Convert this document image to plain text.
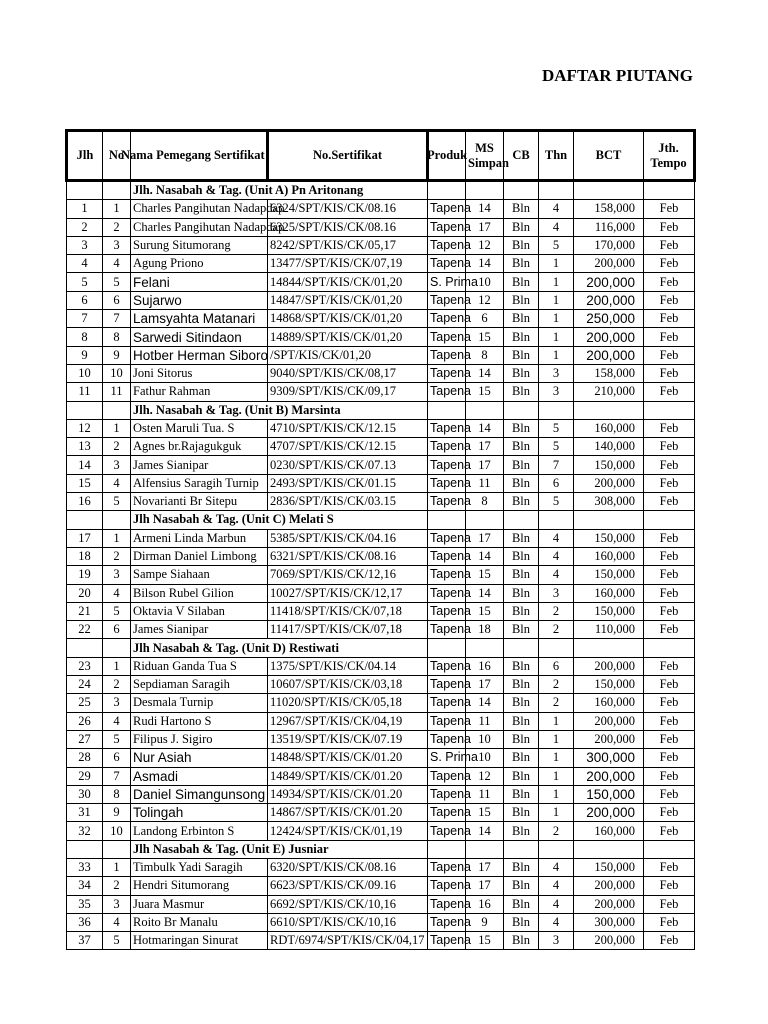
DAFTAR PIUTANG
Jlh	No	Nama Pemegang Sertifikat	No.Sertifikat	Produk	MS Simpan	CB	Thn	BCT	Jth. Tempo
		Jlh. Nasabah & Tag. (Unit A) Pn Aritonang							
1	1	Charles Pangihutan Nadapdap	6324/SPT/KIS/CK/08.16	Tapena	14	Bln	4	158,000	Feb
2	2	Charles Pangihutan Nadapdap	6325/SPT/KIS/CK/08.16	Tapena	17	Bln	4	116,000	Feb
3	3	Surung Situmorang	8242/SPT/KIS/CK/05,17	Tapena	12	Bln	5	170,000	Feb
4	4	Agung Priono	13477/SPT/KIS/CK/07,19	Tapena	14	Bln	1	200,000	Feb
5	5	Felani	14844/SPT/KIS/CK/01,20	S. Prima	10	Bln	1	200,000	Feb
6	6	Sujarwo	14847/SPT/KIS/CK/01,20	Tapena	12	Bln	1	200,000	Feb
7	7	Lamsyahta Matanari	14868/SPT/KIS/CK/01,20	Tapena	6	Bln	1	250,000	Feb
8	8	Sarwedi Sitindaon	14889/SPT/KIS/CK/01,20	Tapena	15	Bln	1	200,000	Feb
9	9	Hotber Herman Siboro	/SPT/KIS/CK/01,20	Tapena	8	Bln	1	200,000	Feb
10	10	Joni Sitorus	9040/SPT/KIS/CK/08,17	Tapena	14	Bln	3	158,000	Feb
11	11	Fathur Rahman	9309/SPT/KIS/CK/09,17	Tapena	15	Bln	3	210,000	Feb
		Jlh. Nasabah & Tag. (Unit B) Marsinta							
12	1	Osten Maruli Tua. S	4710/SPT/KIS/CK/12.15	Tapena	14	Bln	5	160,000	Feb
13	2	Agnes br.Rajagukguk	4707/SPT/KIS/CK/12.15	Tapena	17	Bln	5	140,000	Feb
14	3	James Sianipar	0230/SPT/KIS/CK/07.13	Tapena	17	Bln	7	150,000	Feb
15	4	Alfensius Saragih Turnip	2493/SPT/KIS/CK/01.15	Tapena	11	Bln	6	200,000	Feb
16	5	Novarianti Br Sitepu	2836/SPT/KIS/CK/03.15	Tapena	8	Bln	5	308,000	Feb
		Jlh Nasabah & Tag. (Unit C) Melati S							
17	1	Armeni Linda Marbun	5385/SPT/KIS/CK/04.16	Tapena	17	Bln	4	150,000	Feb
18	2	Dirman Daniel Limbong	6321/SPT/KIS/CK/08.16	Tapena	14	Bln	4	160,000	Feb
19	3	Sampe Siahaan	7069/SPT/KIS/CK/12,16	Tapena	15	Bln	4	150,000	Feb
20	4	Bilson Rubel Gilion	10027/SPT/KIS/CK/12,17	Tapena	14	Bln	3	160,000	Feb
21	5	Oktavia V Silaban	11418/SPT/KIS/CK/07,18	Tapena	15	Bln	2	150,000	Feb
22	6	James Sianipar	11417/SPT/KIS/CK/07,18	Tapena	18	Bln	2	110,000	Feb
		Jlh Nasabah & Tag. (Unit D) Restiwati							
23	1	Riduan Ganda Tua S	1375/SPT/KIS/CK/04.14	Tapena	16	Bln	6	200,000	Feb
24	2	Sepdiaman Saragih	10607/SPT/KIS/CK/03,18	Tapena	17	Bln	2	150,000	Feb
25	3	Desmala Turnip	11020/SPT/KIS/CK/05,18	Tapena	14	Bln	2	160,000	Feb
26	4	Rudi Hartono S	12967/SPT/KIS/CK/04,19	Tapena	11	Bln	1	200,000	Feb
27	5	Filipus J. Sigiro	13519/SPT/KIS/CK/07.19	Tapena	10	Bln	1	200,000	Feb
28	6	Nur Asiah	14848/SPT/KIS/CK/01.20	S. Prima	10	Bln	1	300,000	Feb
29	7	Asmadi	14849/SPT/KIS/CK/01.20	Tapena	12	Bln	1	200,000	Feb
30	8	Daniel Simangunsong	14934/SPT/KIS/CK/01.20	Tapena	11	Bln	1	150,000	Feb
31	9	Tolingah	14867/SPT/KIS/CK/01.20	Tapena	15	Bln	1	200,000	Feb
32	10	Landong Erbinton S	12424/SPT/KIS/CK/01,19	Tapena	14	Bln	2	160,000	Feb
		Jlh Nasabah & Tag. (Unit E) Jusniar							
33	1	Timbulk Yadi Saragih	6320/SPT/KIS/CK/08.16	Tapena	17	Bln	4	150,000	Feb
34	2	Hendri Situmorang	6623/SPT/KIS/CK/09.16	Tapena	17	Bln	4	200,000	Feb
35	3	Juara Masmur	6692/SPT/KIS/CK/10,16	Tapena	16	Bln	4	200,000	Feb
36	4	Roito Br Manalu	6610/SPT/KIS/CK/10,16	Tapena	9	Bln	4	300,000	Feb
37	5	Hotmaringan Sinurat	RDT/6974/SPT/KIS/CK/04,17	Tapena	15	Bln	3	200,000	Feb
